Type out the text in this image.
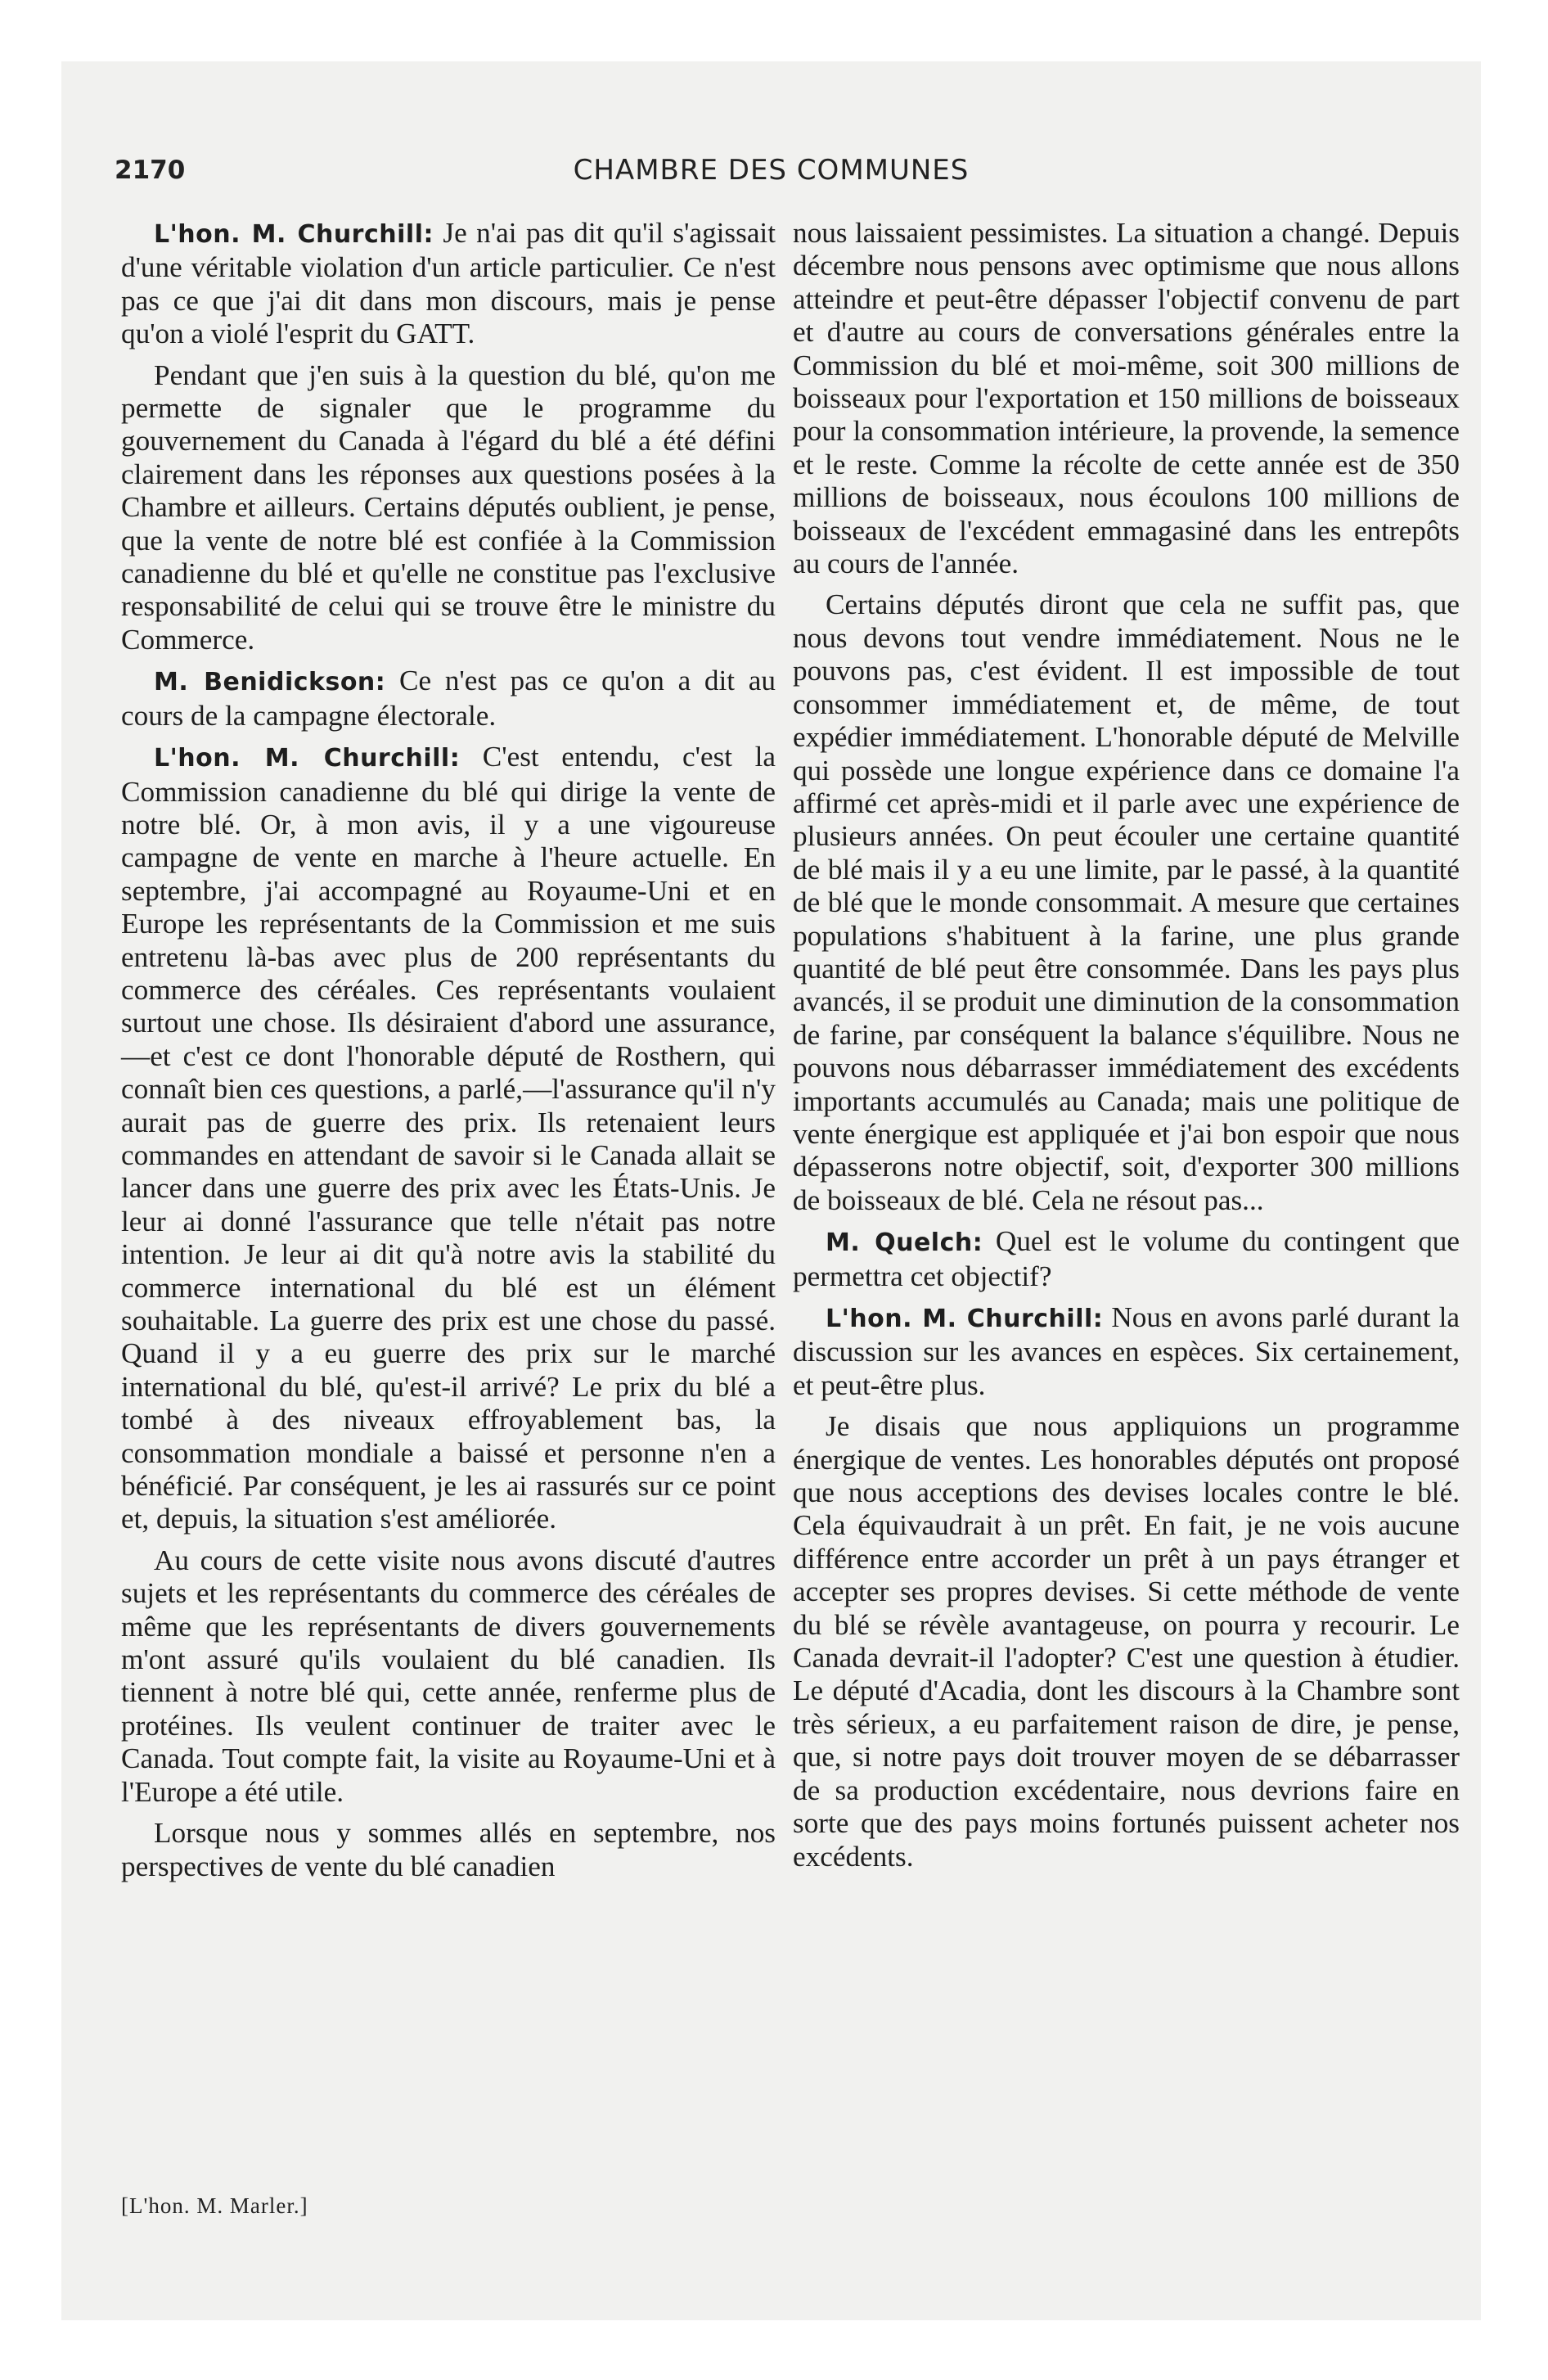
2170	CHAMBRE DES COMMUNES

L'hon. M. Churchill: Je n'ai pas dit qu'il s'agissait d'une véritable violation d'un article particulier. Ce n'est pas ce que j'ai dit dans mon discours, mais je pense qu'on a violé l'esprit du GATT.

Pendant que j'en suis à la question du blé, qu'on me permette de signaler que le programme du gouvernement du Canada à l'égard du blé a été défini clairement dans les réponses aux questions posées à la Chambre et ailleurs. Certains députés oublient, je pense, que la vente de notre blé est confiée à la Commission canadienne du blé et qu'elle ne constitue pas l'exclusive responsabilité de celui qui se trouve être le ministre du Commerce.

M. Benidickson: Ce n'est pas ce qu'on a dit au cours de la campagne électorale.

L'hon. M. Churchill: C'est entendu, c'est la Commission canadienne du blé qui dirige la vente de notre blé. Or, à mon avis, il y a une vigoureuse campagne de vente en marche à l'heure actuelle. En septembre, j'ai accompagné au Royaume-Uni et en Europe les représentants de la Commission et me suis entretenu là-bas avec plus de 200 représentants du commerce des céréales. Ces représentants voulaient surtout une chose. Ils désiraient d'abord une assurance,—et c'est ce dont l'honorable député de Rosthern, qui connaît bien ces questions, a parlé,—l'assurance qu'il n'y aurait pas de guerre des prix. Ils retenaient leurs commandes en attendant de savoir si le Canada allait se lancer dans une guerre des prix avec les États-Unis. Je leur ai donné l'assurance que telle n'était pas notre intention. Je leur ai dit qu'à notre avis la stabilité du commerce international du blé est un élément souhaitable. La guerre des prix est une chose du passé. Quand il y a eu guerre des prix sur le marché international du blé, qu'est-il arrivé? Le prix du blé a tombé à des niveaux effroyablement bas, la consommation mondiale a baissé et personne n'en a bénéficié. Par conséquent, je les ai rassurés sur ce point et, depuis, la situation s'est améliorée.

Au cours de cette visite nous avons discuté d'autres sujets et les représentants du commerce des céréales de même que les représentants de divers gouvernements m'ont assuré qu'ils voulaient du blé canadien. Ils tiennent à notre blé qui, cette année, renferme plus de protéines. Ils veulent continuer de traiter avec le Canada. Tout compte fait, la visite au Royaume-Uni et à l'Europe a été utile.

Lorsque nous y sommes allés en septembre, nos perspectives de vente du blé canadien

nous laissaient pessimistes. La situation a changé. Depuis décembre nous pensons avec optimisme que nous allons atteindre et peut-être dépasser l'objectif convenu de part et d'autre au cours de conversations générales entre la Commission du blé et moi-même, soit 300 millions de boisseaux pour l'exportation et 150 millions de boisseaux pour la consommation intérieure, la provende, la semence et le reste. Comme la récolte de cette année est de 350 millions de boisseaux, nous écoulons 100 millions de boisseaux de l'excédent emmagasiné dans les entrepôts au cours de l'année.

Certains députés diront que cela ne suffit pas, que nous devons tout vendre immédiatement. Nous ne le pouvons pas, c'est évident. Il est impossible de tout consommer immédiatement et, de même, de tout expédier immédiatement. L'honorable député de Melville qui possède une longue expérience dans ce domaine l'a affirmé cet après-midi et il parle avec une expérience de plusieurs années. On peut écouler une certaine quantité de blé mais il y a eu une limite, par le passé, à la quantité de blé que le monde consommait. A mesure que certaines populations s'habituent à la farine, une plus grande quantité de blé peut être consommée. Dans les pays plus avancés, il se produit une diminution de la consommation de farine, par conséquent la balance s'équilibre. Nous ne pouvons nous débarrasser immédiatement des excédents importants accumulés au Canada; mais une politique de vente énergique est appliquée et j'ai bon espoir que nous dépasserons notre objectif, soit, d'exporter 300 millions de boisseaux de blé. Cela ne résout pas...

M. Quelch: Quel est le volume du contingent que permettra cet objectif?

L'hon. M. Churchill: Nous en avons parlé durant la discussion sur les avances en espèces. Six certainement, et peut-être plus.

Je disais que nous appliquions un programme énergique de ventes. Les honorables députés ont proposé que nous acceptions des devises locales contre le blé. Cela équivaudrait à un prêt. En fait, je ne vois aucune différence entre accorder un prêt à un pays étranger et accepter ses propres devises. Si cette méthode de vente du blé se révèle avantageuse, on pourra y recourir. Le Canada devrait-il l'adopter? C'est une question à étudier. Le député d'Acadia, dont les discours à la Chambre sont très sérieux, a eu parfaitement raison de dire, je pense, que, si notre pays doit trouver moyen de se débarrasser de sa production excédentaire, nous devrions faire en sorte que des pays moins fortunés puissent acheter nos excédents.

[L'hon. M. Marler.]
